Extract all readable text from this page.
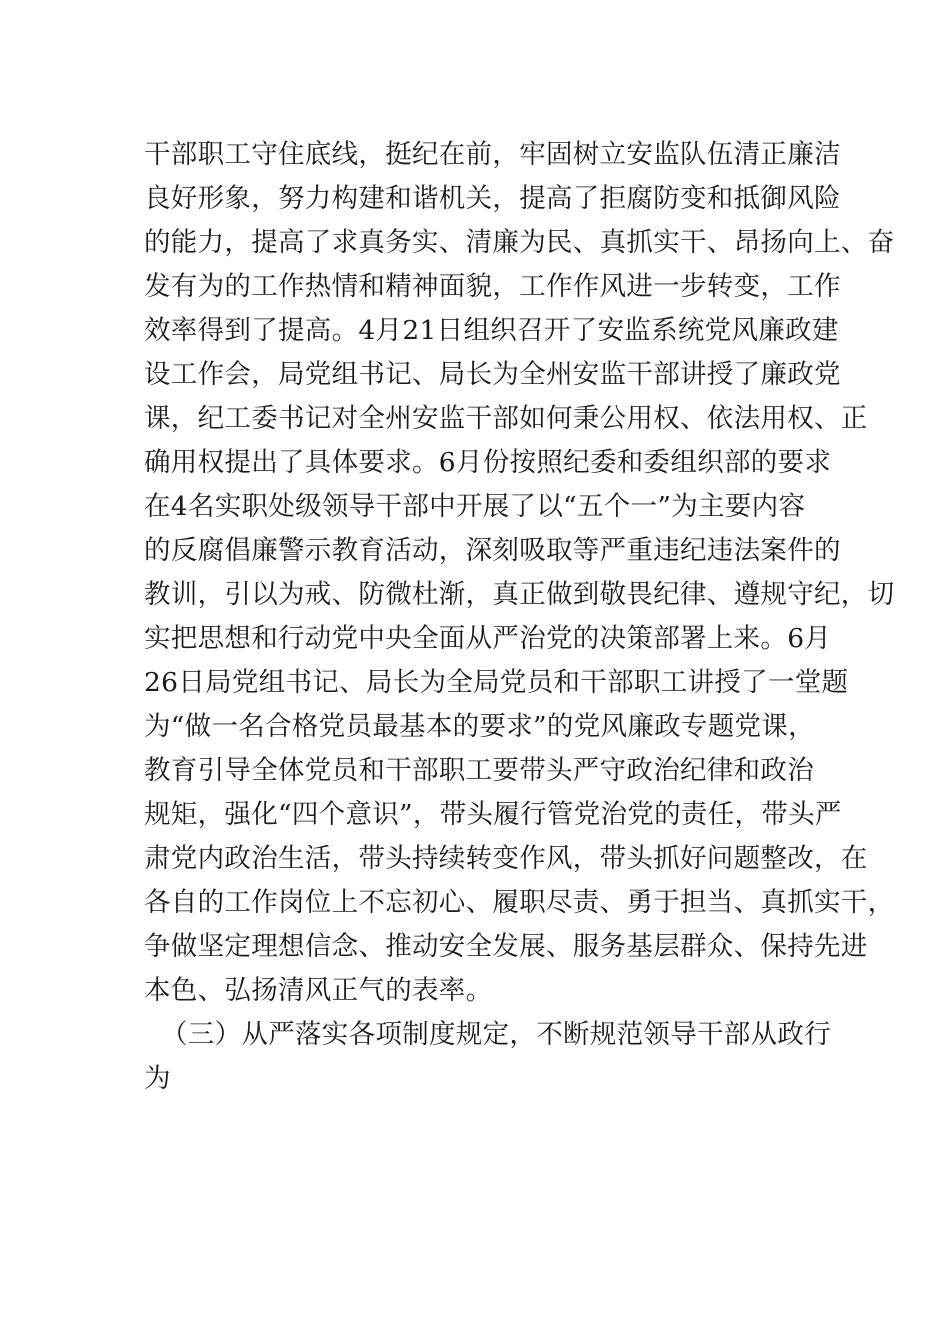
干部职工守住底线，挺纪在前，牢固树立安监队伍清正廉洁
良好形象，努力构建和谐机关，提高了拒腐防变和抵御风险
的能力，提高了求真务实、清廉为民、真抓实干、昂扬向上、奋
发有为的工作热情和精神面貌，工作作风进一步转变，工作
效率得到了提高。4月21日组织召开了安监系统党风廉政建
设工作会，局党组书记、局长为全州安监干部讲授了廉政党
课，纪工委书记对全州安监干部如何秉公用权、依法用权、正
确用权提出了具体要求。6月份按照纪委和委组织部的要求
在4名实职处级领导干部中开展了以“五个一”为主要内容
的反腐倡廉警示教育活动，深刻吸取等严重违纪违法案件的
教训，引以为戒、防微杜渐，真正做到敬畏纪律、遵规守纪，切
实把思想和行动党中央全面从严治党的决策部署上来。6月
26日局党组书记、局长为全局党员和干部职工讲授了一堂题
为“做一名合格党员最基本的要求”的党风廉政专题党课，
教育引导全体党员和干部职工要带头严守政治纪律和政治
规矩，强化“四个意识”，带头履行管党治党的责任，带头严
肃党内政治生活，带头持续转变作风，带头抓好问题整改，在
各自的工作岗位上不忘初心、履职尽责、勇于担当、真抓实干，
争做坚定理想信念、推动安全发展、服务基层群众、保持先进
本色、弘扬清风正气的表率。
（三）从严落实各项制度规定，不断规范领导干部从政行
为
